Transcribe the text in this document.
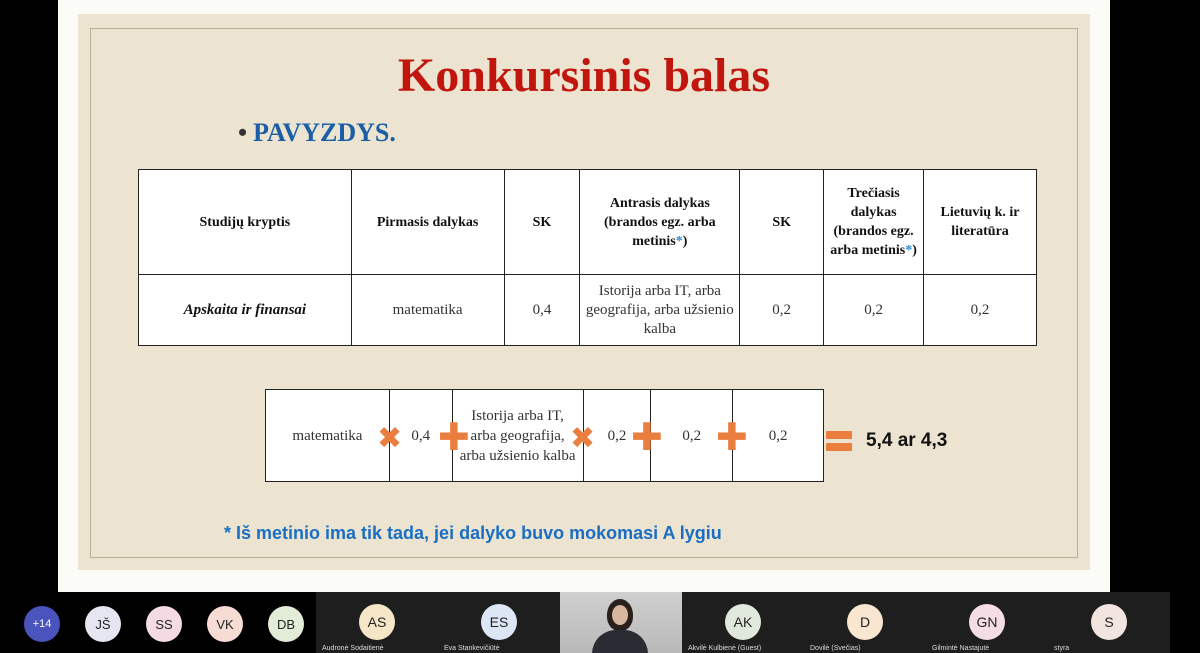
Konkursinis balas
• PAVYZDYS.
Studijų kryptis	Pirmasis dalykas	SK	Antrasis dalykas (brandos egz. arba metinis*)	SK	Trečiasis dalykas (brandos egz. arba metinis*)	Lietuvių k. ir literatūra
Apskaita ir finansai	matematika	0,4	Istorija arba IT, arba geografija, arba užsienio kalba	0,2	0,2	0,2
matematika	0,4	Istorija arba IT, arba geografija, arba užsienio kalba	0,2	0,2	0,2
✖ ✚	✖ ✚ ✚	5,4 ar 4,3
* Iš metinio ima tik tada, jei dalyko buvo mokomasi A lygiu
+14	JŠ	SS	VK	DB	AS
Audronė Sodaitienė
ES
Eva Stankevičiūtė
AK
Akvilė Kulbienė (Guest)
D
Dovilė (Svečias)
GN
Gilmintė Nastajutė
S
styra
